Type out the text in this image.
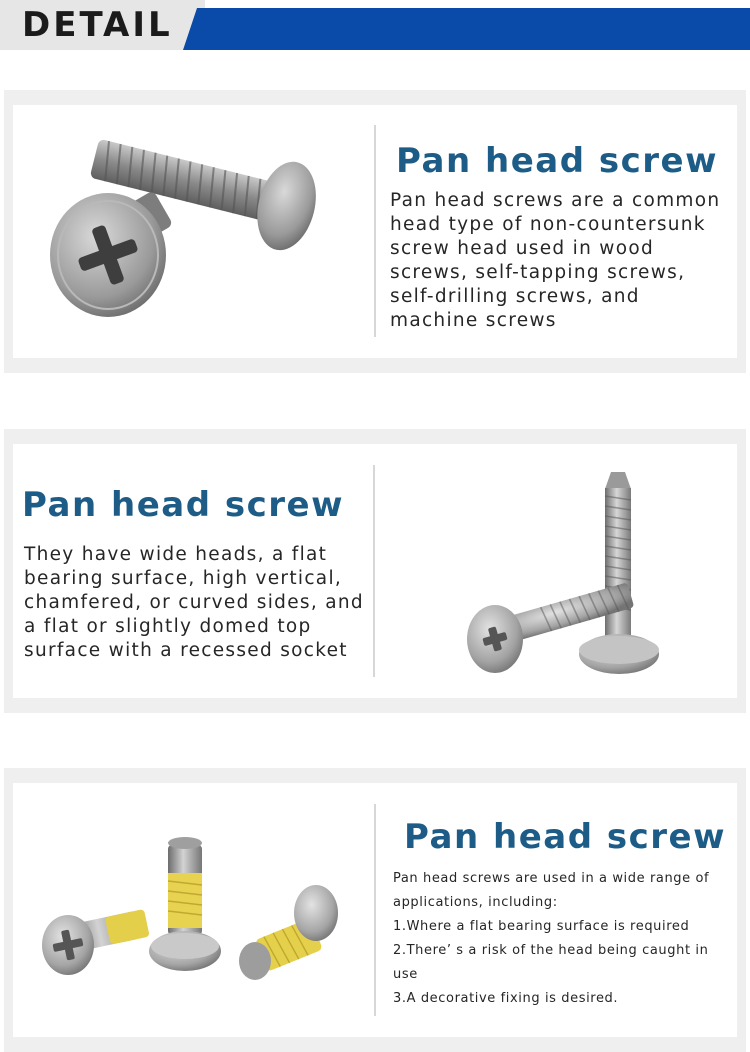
DETAIL
Pan head screw
Pan head screws are a common head type of non-countersunk screw head used in wood screws, self-tapping screws, self-drilling screws, and machine screws
Pan head screw
They have wide heads, a flat bearing surface, high vertical, chamfered, or curved sides, and a flat or slightly domed top surface with a recessed socket
Pan head screw
Pan head screws are used in a wide range of applications, including:
1.Where a flat bearing surface is required
2.There’ s a risk of the head being caught in use
3.A decorative fixing is desired.
